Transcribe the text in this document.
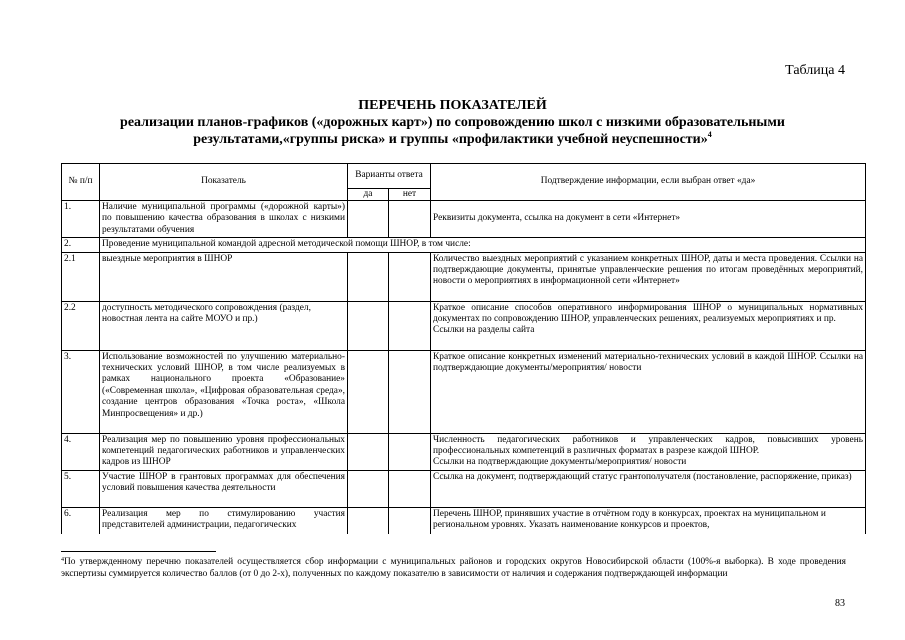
Таблица 4
ПЕРЕЧЕНЬ ПОКАЗАТЕЛЕЙ
реализации планов-графиков («дорожных карт») по сопровождению школ с низкими образовательными
результатами,«группы риска» и группы «профилактики учебной неуспешности»$^4$
№ п/п	Показатель	Варианты ответа		Подтверждение информации, если выбран ответ «да»
		да	нет	
1.	Наличие муниципальной программы («дорожной карты») по повышению качества образования в школах с низкими результатами обучения			Реквизиты документа, ссылка на документ в сети «Интернет»
2.	Проведение муниципальной командой адресной методической помощи ШНОР, в том числе:			
2.1	выездные мероприятия в ШНОР			Количество выездных мероприятий с указанием конкретных ШНОР, даты и места проведения. Ссылки на подтверждающие документы, принятые управленческие решения по итогам проведённых мероприятий, новости о мероприятиях в информационной сети «Интернет»
2.2	доступность методического сопровождения (раздел, новостная лента на сайте МОУО и пр.)			Краткое описание способов оперативного информирования ШНОР о муниципальных нормативных документах по сопровождению ШНОР, управленческих решениях, реализуемых мероприятиях и пр.
Ссылки на разделы сайта

3.	Использование возможностей по улучшению материально-технических условий ШНОР, в том числе реализуемых в рамках национального проекта «Образование» («Современная школа», «Цифровая образовательная среда», создание центров образования «Точка роста», «Школа Минпросвещения» и др.)			Краткое описание конкретных изменений материально-технических условий в каждой ШНОР. Ссылки на подтверждающие документы/мероприятия/ новости
4.	Реализация мер по повышению уровня профессиональных компетенций педагогических работников и управленческих кадров из ШНОР			Численность педагогических работников и управленческих кадров, повысивших уровень профессиональных компетенций в различных форматах в разрезе каждой ШНОР.
Ссылки на подтверждающие документы/мероприятия/ новости

5.	Участие ШНОР в грантовых программах для обеспечения условий повышения качества деятельности			Ссылка на документ, подтверждающий статус грантополучателя (постановление, распоряжение, приказ)
6.	Реализация мер по стимулированию участия представителей администрации, педагогических			Перечень ШНОР, принявших участие в отчётном году в конкурсах, проектах на муниципальном и региональном уровнях. Указать наименование конкурсов и проектов,
$^4$По утвержденному перечню показателей осуществляется сбор информации с муниципальных районов и городских округов Новосибирской области (100%-я выборка). В ходе проведения экспертизы суммируется количество баллов (от 0 до 2-х), полученных по каждому показателю в зависимости от наличия и содержания подтверждающей информации
83
